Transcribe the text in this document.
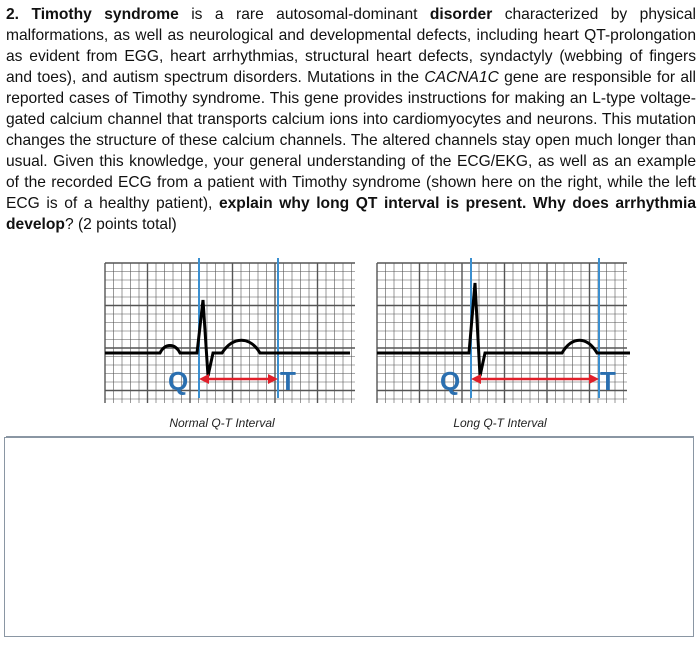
2. Timothy syndrome is a rare autosomal-dominant disorder characterized by physical malformations, as well as neurological and developmental defects, including heart QT-prolongation as evident from EGG, heart arrhythmias, structural heart defects, syndactyly (webbing of fingers and toes), and autism spectrum disorders. Mutations in the CACNA1C gene are responsible for all reported cases of Timothy syndrome. This gene provides instructions for making an L-type voltage-gated calcium channel that transports calcium ions into cardiomyocytes and neurons. This mutation changes the structure of these calcium channels. The altered channels stay open much longer than usual. Given this knowledge, your general understanding of the ECG/EKG, as well as an example of the recorded ECG from a patient with Timothy syndrome (shown here on the right, while the left ECG is of a healthy patient), explain why long QT interval is present. Why does arrhythmia develop? (2 points total)

Q	T
Normal Q-T Interval
Q	T
Long Q-T Interval
